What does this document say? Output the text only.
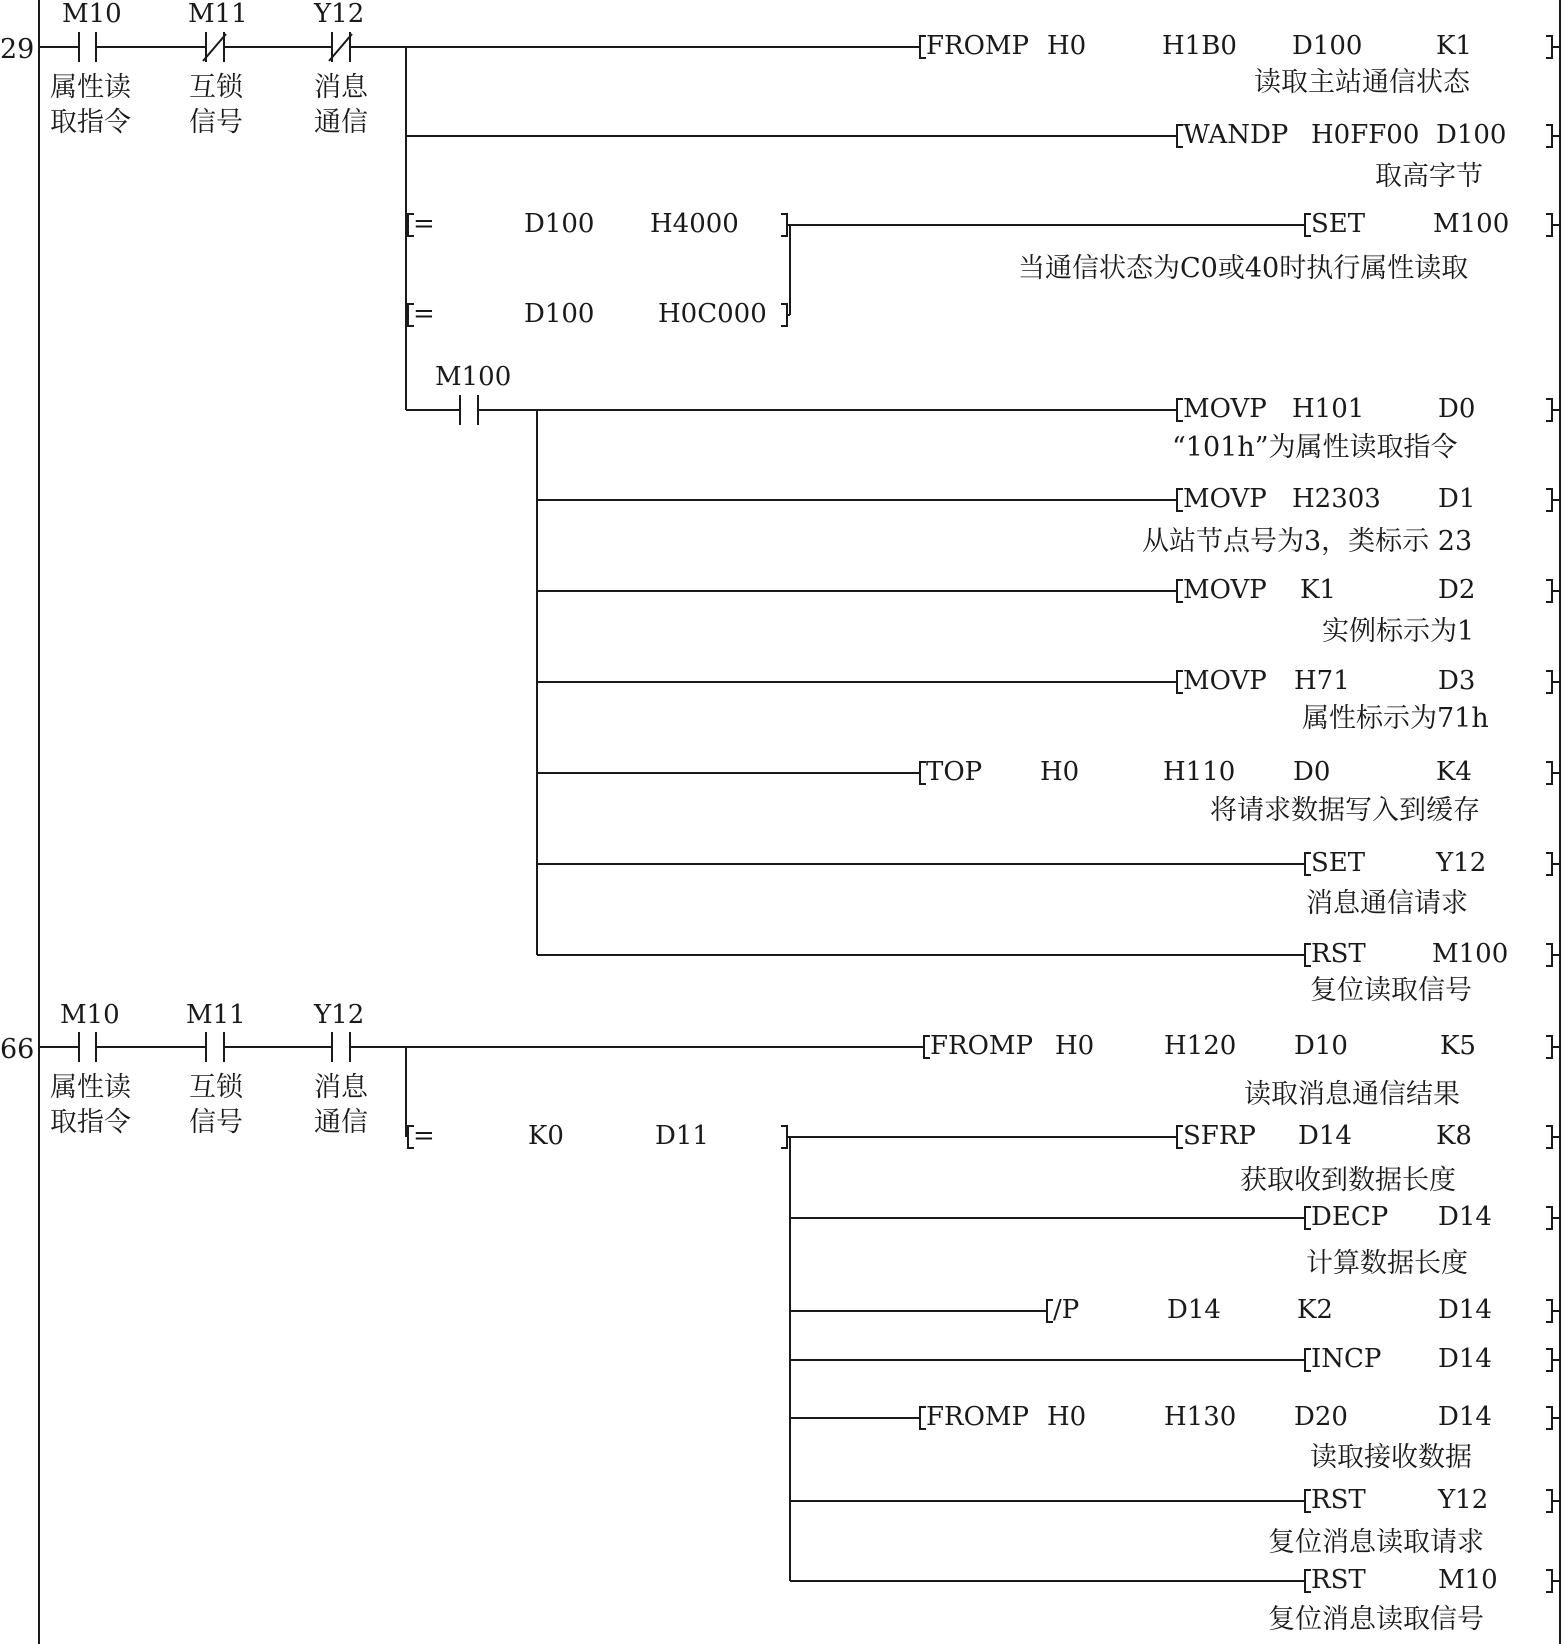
29
M10
属性读
取指令
M11
互锁
信号
Y12
消息
通信
FROMP H0	H1B0 D100	K1
读取主站通信状态
WANDP H0FF00 D100
取高字节
=	D100 H4000
=	D100 H0C000
SET	M100
当通信状态为C0或40时执行属性读取
M100
MOVP H101	D0
“101h”为属性读取指令
MOVP H2303 D1
从站节点号为3，类标示 23
MOVP K1	D2
实例标示为1
MOVP H71	D3
属性标示为71h
TOP H0	H110 D0	K4
将请求数据写入到缓存
SET	Y12
消息通信请求
RST	M100
复位读取信号
66
M10
属性读
取指令
M11
互锁
信号
Y12
消息
通信
FROMP H0	H120 D10	K5
读取消息通信结果
=	K0	D11	SFRP D14	K8
获取收到数据长度
DECP D14
计算数据长度
/P	D14	K2	D14
INCP D14
FROMP H0	H130 D20	D14
读取接收数据
RST	Y12
复位消息读取请求
RST	M10
复位消息读取信号
